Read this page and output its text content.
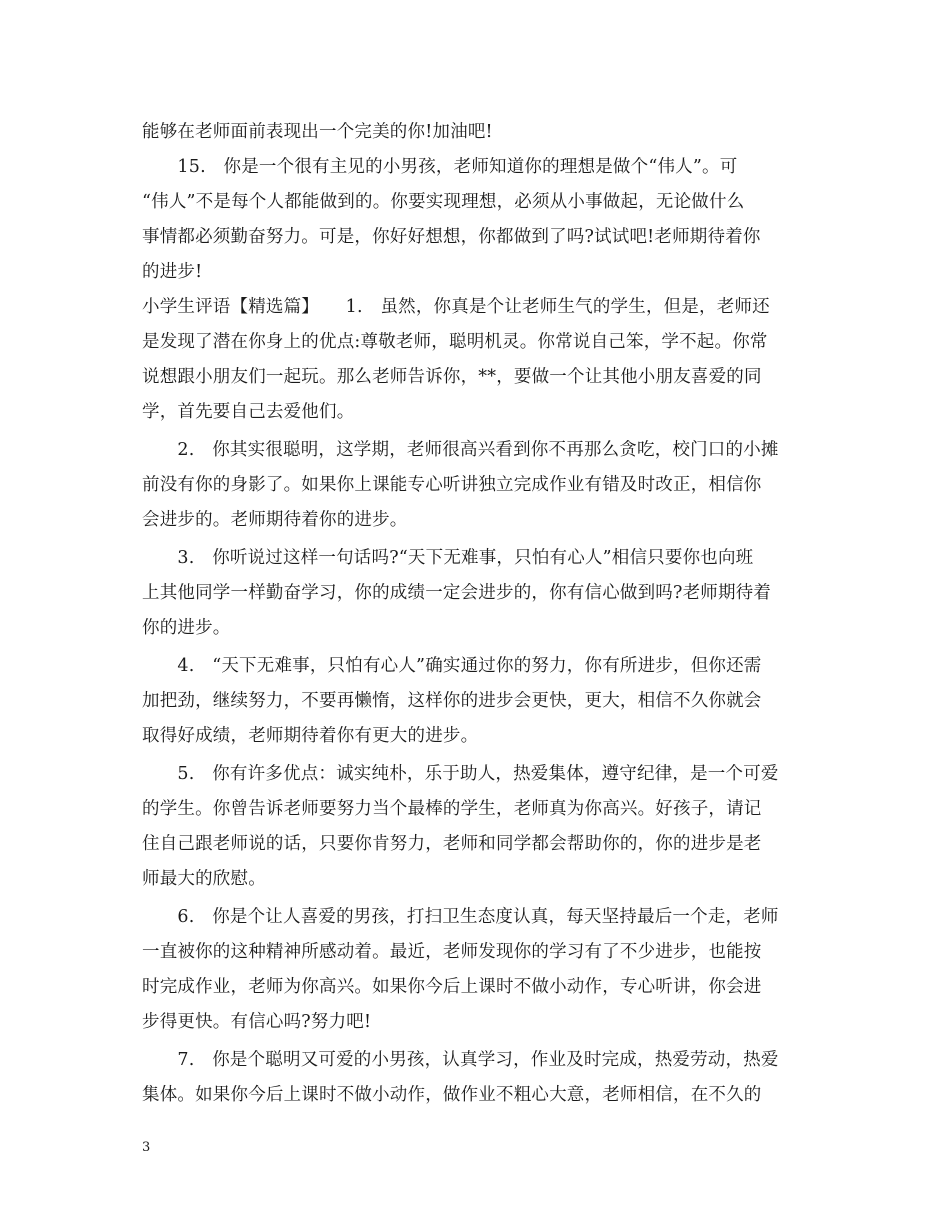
能够在老师面前表现出一个完美的你!加油吧!
　　15.　你是一个很有主见的小男孩，老师知道你的理想是做个“伟人”。可
“伟人”不是每个人都能做到的。你要实现理想，必须从小事做起，无论做什么
事情都必须勤奋努力。可是，你好好想想，你都做到了吗?试试吧!老师期待着你
的进步!
小学生评语【精选篇】　　1.　虽然，你真是个让老师生气的学生，但是，老师还
是发现了潜在你身上的优点:尊敬老师，聪明机灵。你常说自己笨，学不起。你常
说想跟小朋友们一起玩。那么老师告诉你，**，要做一个让其他小朋友喜爱的同
学，首先要自己去爱他们。
　　2.　你其实很聪明，这学期，老师很高兴看到你不再那么贪吃，校门口的小摊
前没有你的身影了。如果你上课能专心听讲独立完成作业有错及时改正，相信你
会进步的。老师期待着你的进步。
　　3.　你听说过这样一句话吗?“天下无难事，只怕有心人”相信只要你也向班
上其他同学一样勤奋学习，你的成绩一定会进步的，你有信心做到吗?老师期待着
你的进步。
　　4.　“天下无难事，只怕有心人”确实通过你的努力，你有所进步，但你还需
加把劲，继续努力，不要再懒惰，这样你的进步会更快，更大，相信不久你就会
取得好成绩，老师期待着你有更大的进步。
　　5.　你有许多优点：诚实纯朴，乐于助人，热爱集体，遵守纪律，是一个可爱
的学生。你曾告诉老师要努力当个最棒的学生，老师真为你高兴。好孩子，请记
住自己跟老师说的话，只要你肯努力，老师和同学都会帮助你的，你的进步是老
师最大的欣慰。
　　6.　你是个让人喜爱的男孩，打扫卫生态度认真，每天坚持最后一个走，老师
一直被你的这种精神所感动着。最近，老师发现你的学习有了不少进步，也能按
时完成作业，老师为你高兴。如果你今后上课时不做小动作，专心听讲，你会进
步得更快。有信心吗?努力吧!
　　7.　你是个聪明又可爱的小男孩，认真学习，作业及时完成，热爱劳动，热爱
集体。如果你今后上课时不做小动作，做作业不粗心大意，老师相信，在不久的
3
